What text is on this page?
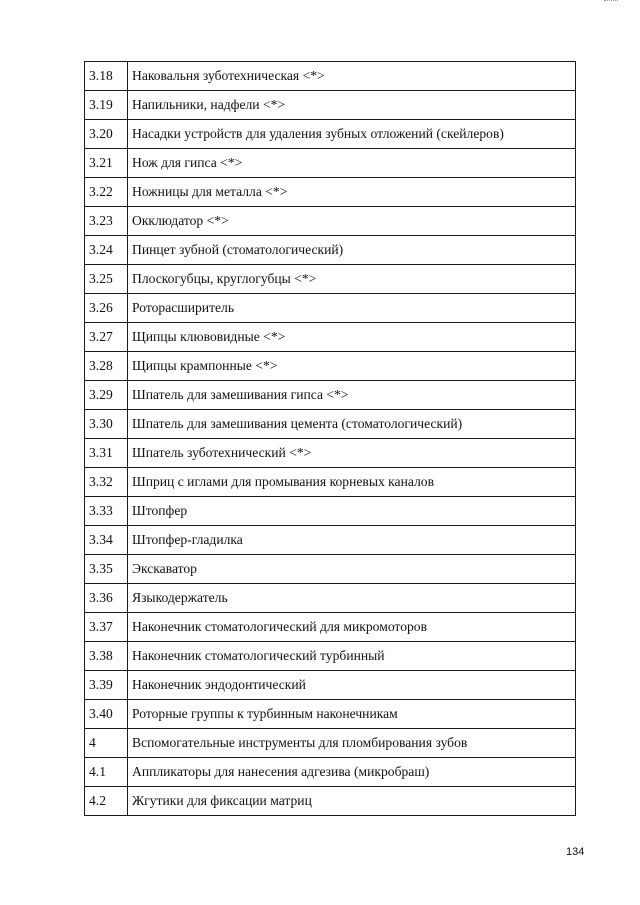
3.18	Наковальня зуботехническая <*>
3.19	Напильники, надфели <*>
3.20	Насадки устройств для удаления зубных отложений (скейлеров)
3.21	Нож для гипса <*>
3.22	Ножницы для металла <*>
3.23	Окклюдатор <*>
3.24	Пинцет зубной (стоматологический)
3.25	Плоскогубцы, круглогубцы <*>
3.26	Роторасширитель
3.27	Щипцы клювовидные <*>
3.28	Щипцы крампонные <*>
3.29	Шпатель для замешивания гипса <*>
3.30	Шпатель для замешивания цемента (стоматологический)
3.31	Шпатель зуботехнический <*>
3.32	Шприц с иглами для промывания корневых каналов
3.33	Штопфер
3.34	Штопфер-гладилка
3.35	Экскаватор
3.36	Языкодержатель
3.37	Наконечник стоматологический для микромоторов
3.38	Наконечник стоматологический турбинный
3.39	Наконечник эндодонтический
3.40	Роторные группы к турбинным наконечникам
4	Вспомогательные инструменты для пломбирования зубов
4.1	Аппликаторы для нанесения адгезива (микробраш)
4.2	Жгутики для фиксации матриц
134
